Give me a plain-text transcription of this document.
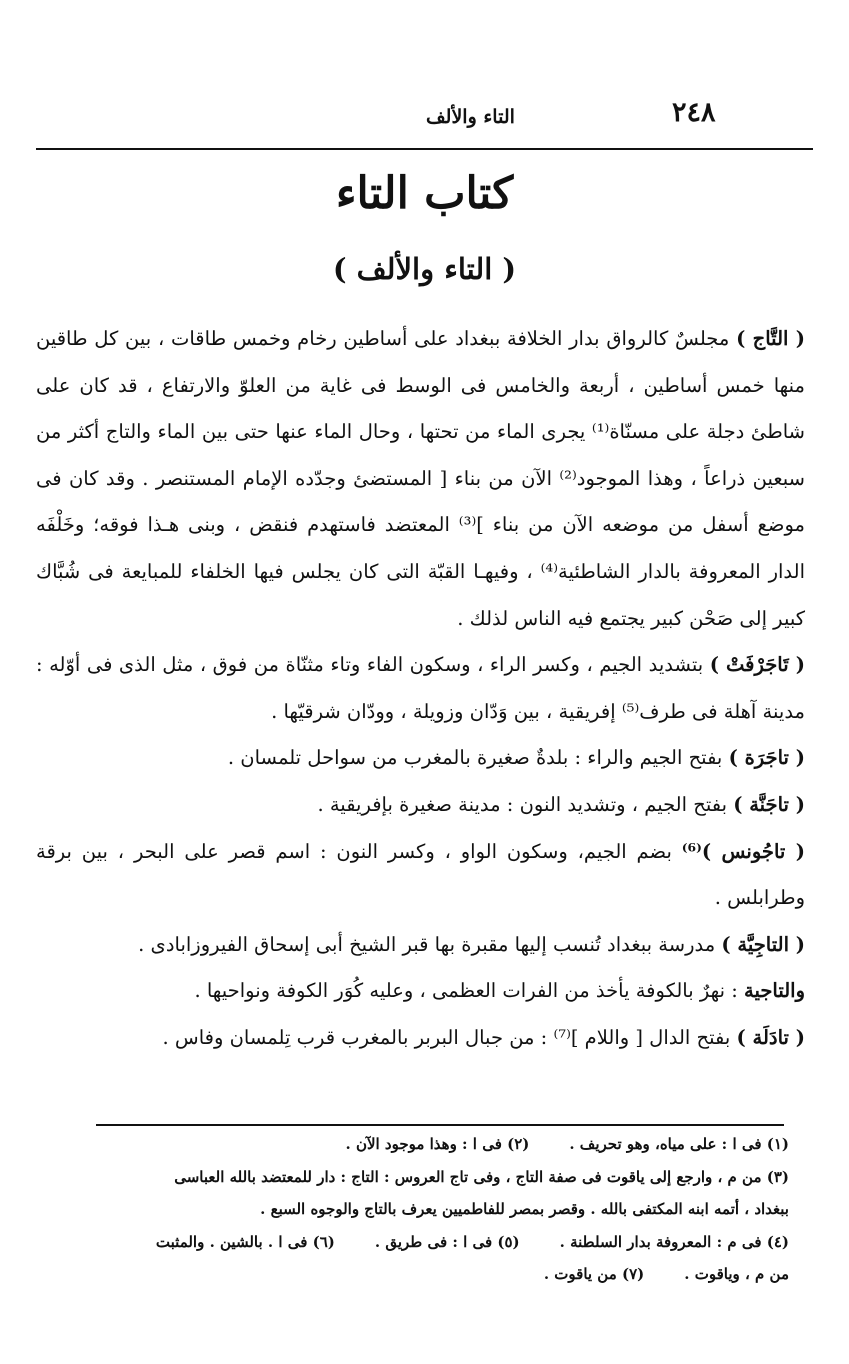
٢٤٨
التاء والألف
كتاب التاء
( التاء والألف )

( التَّاج ) مجلسٌ كالرواق بدار الخلافة ببغداد على أساطين رخام وخمس طاقات ، بين كل طاقين منها خمس أساطين ، أربعة والخامس فى الوسط فى غاية من العلوّ والارتفاع ، قد كان على شاطئ دجلة على مسنّاة⁽¹⁾ يجرى الماء من تحتها ، وحال الماء عنها حتى بين الماء والتاج أكثر من سبعين ذراعاً ، وهذا الموجود⁽²⁾ الآن من بناء [ المستضئ وجدّده الإمام المستنصر . وقد كان فى موضع أسفل من موضعه الآن من بناء ]⁽³⁾ المعتضد فاستهدم فنقض ، وبنى هـذا فوقه؛ وخَلْفَه الدار المعروفة بالدار الشاطئية⁽⁴⁾ ، وفيهـا القبّة التى كان يجلس فيها الخلفاء للمبايعة فى شُبَّاك كبير إلى صَحْن كبير يجتمع فيه الناس لذلك .

( تَاجَرْفَتْ ) بتشديد الجيم ، وكسر الراء ، وسكون الفاء وتاء مثنّاة من فوق ، مثل الذى فى أوّله : مدينة آهلة فى طرف⁽⁵⁾ إفريقية ، بين وَدّان وزويلة ، وودّان شرقيّها .

( تاجَرَة ) بفتح الجيم والراء : بلدةٌ صغيرة بالمغرب من سواحل تلمسان .

( تاجَنَّة ) بفتح الجيم ، وتشديد النون : مدينة صغيرة بإفريقية .

( تاجُونس )⁽⁶⁾ بضم الجيم، وسكون الواو ، وكسر النون : اسم قصر على البحر ، بين برقة وطرابلس .

( التاجِيَّة ) مدرسة ببغداد تُنسب إليها مقبرة بها قبر الشيخ أبى إسحاق الفيروزابادى .

والتاجية : نهرٌ بالكوفة يأخذ من الفرات العظمى ، وعليه كُوَر الكوفة ونواحيها .

( تادَلَة ) بفتح الدال [ واللام ]⁽⁷⁾ : من جبال البربر بالمغرب قرب تِلمسان وفاس .

(١) فى ا : على مياه، وهو تحريف .(٢) فى ا : وهذا موجود الآن .

(٣) من م ، وارجع إلى ياقوت فى صفة التاج ، وفى تاج العروس : التاج : دار للمعتضد بالله العباسى

ببغداد ، أتمه ابنه المكتفى بالله . وقصر بمصر للفاطميين يعرف بالتاج والوجوه السبع .

(٤) فى م : المعروفة بدار السلطنة .(٥) فى ا : فى طريق .(٦) فى ا . بالشين . والمثبت

من م ، وياقوت .(٧) من ياقوت .
